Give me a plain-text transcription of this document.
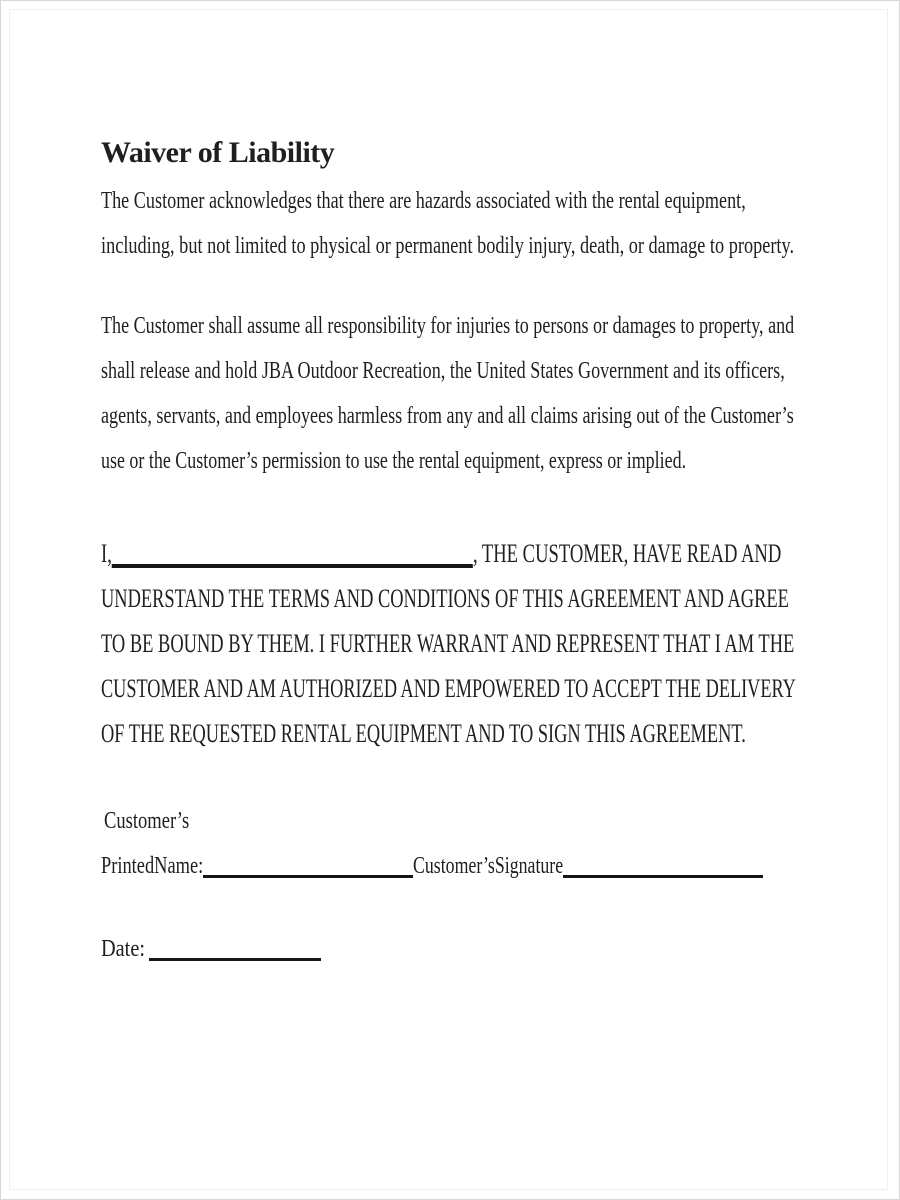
Waiver of Liability
The Customer acknowledges that there are hazards associated with the rental equipment,
including, but not limited to physical or permanent bodily injury, death, or damage to property.
The Customer shall assume all responsibility for injuries to persons or damages to property, and
shall release and hold JBA Outdoor Recreation, the United States Government and its officers,
agents, servants, and employees harmless from any and all claims arising out of the Customer’s
use or the Customer’s permission to use the rental equipment, express or implied.
I,	, THE CUSTOMER, HAVE READ AND
UNDERSTAND THE TERMS AND CONDITIONS OF THIS AGREEMENT AND AGREE
TO BE BOUND BY THEM. I FURTHER WARRANT AND REPRESENT THAT I AM THE
CUSTOMER AND AM AUTHORIZED AND EMPOWERED TO ACCEPT THE DELIVERY
OF THE REQUESTED RENTAL EQUIPMENT AND TO SIGN THIS AGREEMENT.
Customer’s
PrintedName:	Customer’sSignature
Date:
